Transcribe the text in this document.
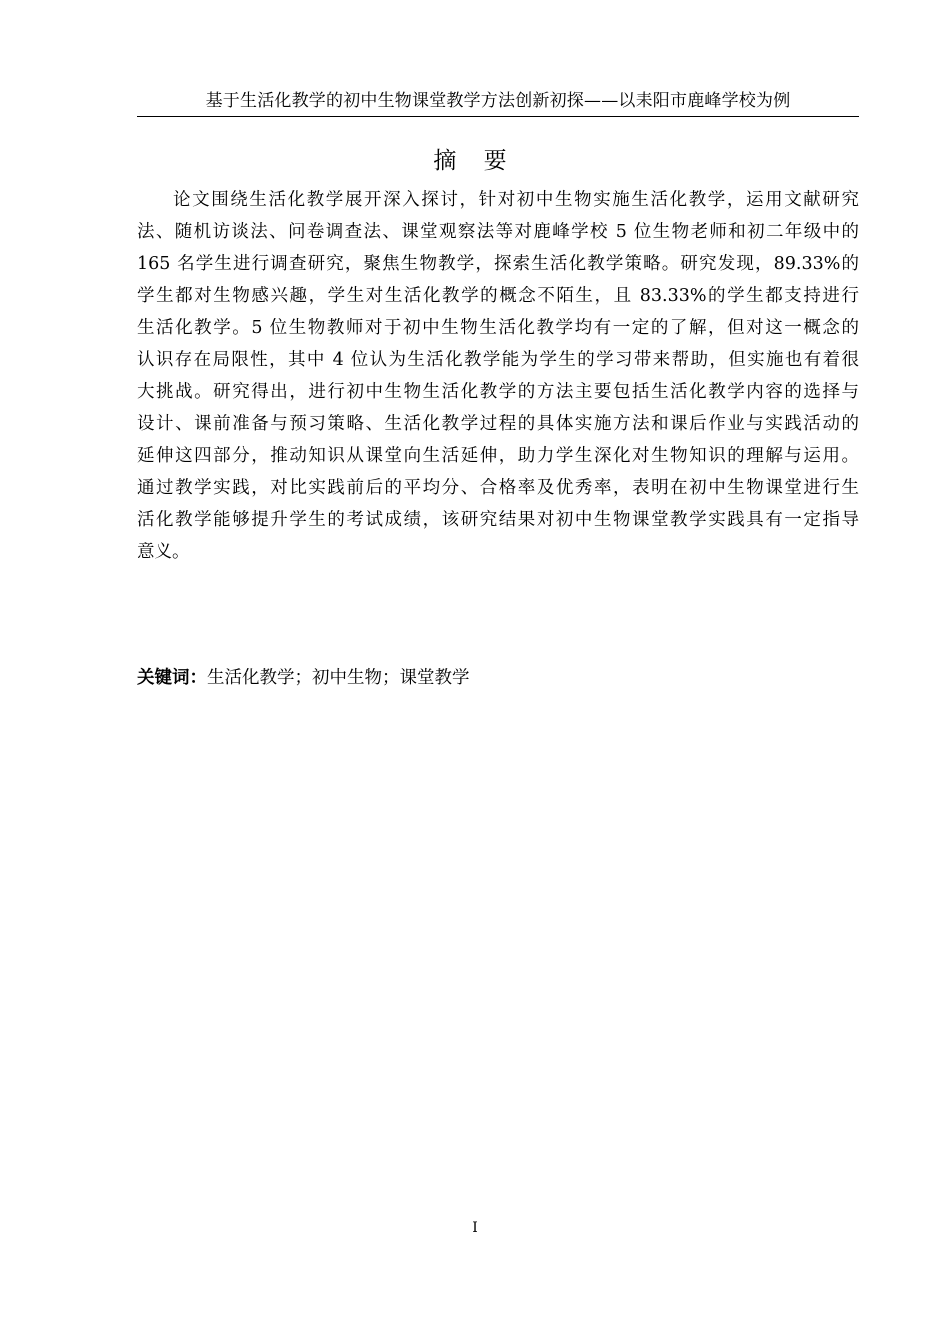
基于生活化教学的初中生物课堂教学方法创新初探——以耒阳市鹿峰学校为例
摘 要
论文围绕生活化教学展开深入探讨，针对初中生物实施生活化教学，运用文献研究
法、随机访谈法、问卷调查法、课堂观察法等对鹿峰学校 5 位生物老师和初二年级中的
165 名学生进行调查研究，聚焦生物教学，探索生活化教学策略。研究发现，89.33%的
学生都对生物感兴趣，学生对生活化教学的概念不陌生，且 83.33%的学生都支持进行
生活化教学。5 位生物教师对于初中生物生活化教学均有一定的了解，但对这一概念的
认识存在局限性，其中 4 位认为生活化教学能为学生的学习带来帮助，但实施也有着很
大挑战。研究得出，进行初中生物生活化教学的方法主要包括生活化教学内容的选择与
设计、课前准备与预习策略、生活化教学过程的具体实施方法和课后作业与实践活动的
延伸这四部分，推动知识从课堂向生活延伸，助力学生深化对生物知识的理解与运用。
通过教学实践，对比实践前后的平均分、合格率及优秀率，表明在初中生物课堂进行生
活化教学能够提升学生的考试成绩，该研究结果对初中生物课堂教学实践具有一定指导
意义。
关键词：生活化教学；初中生物；课堂教学
I
